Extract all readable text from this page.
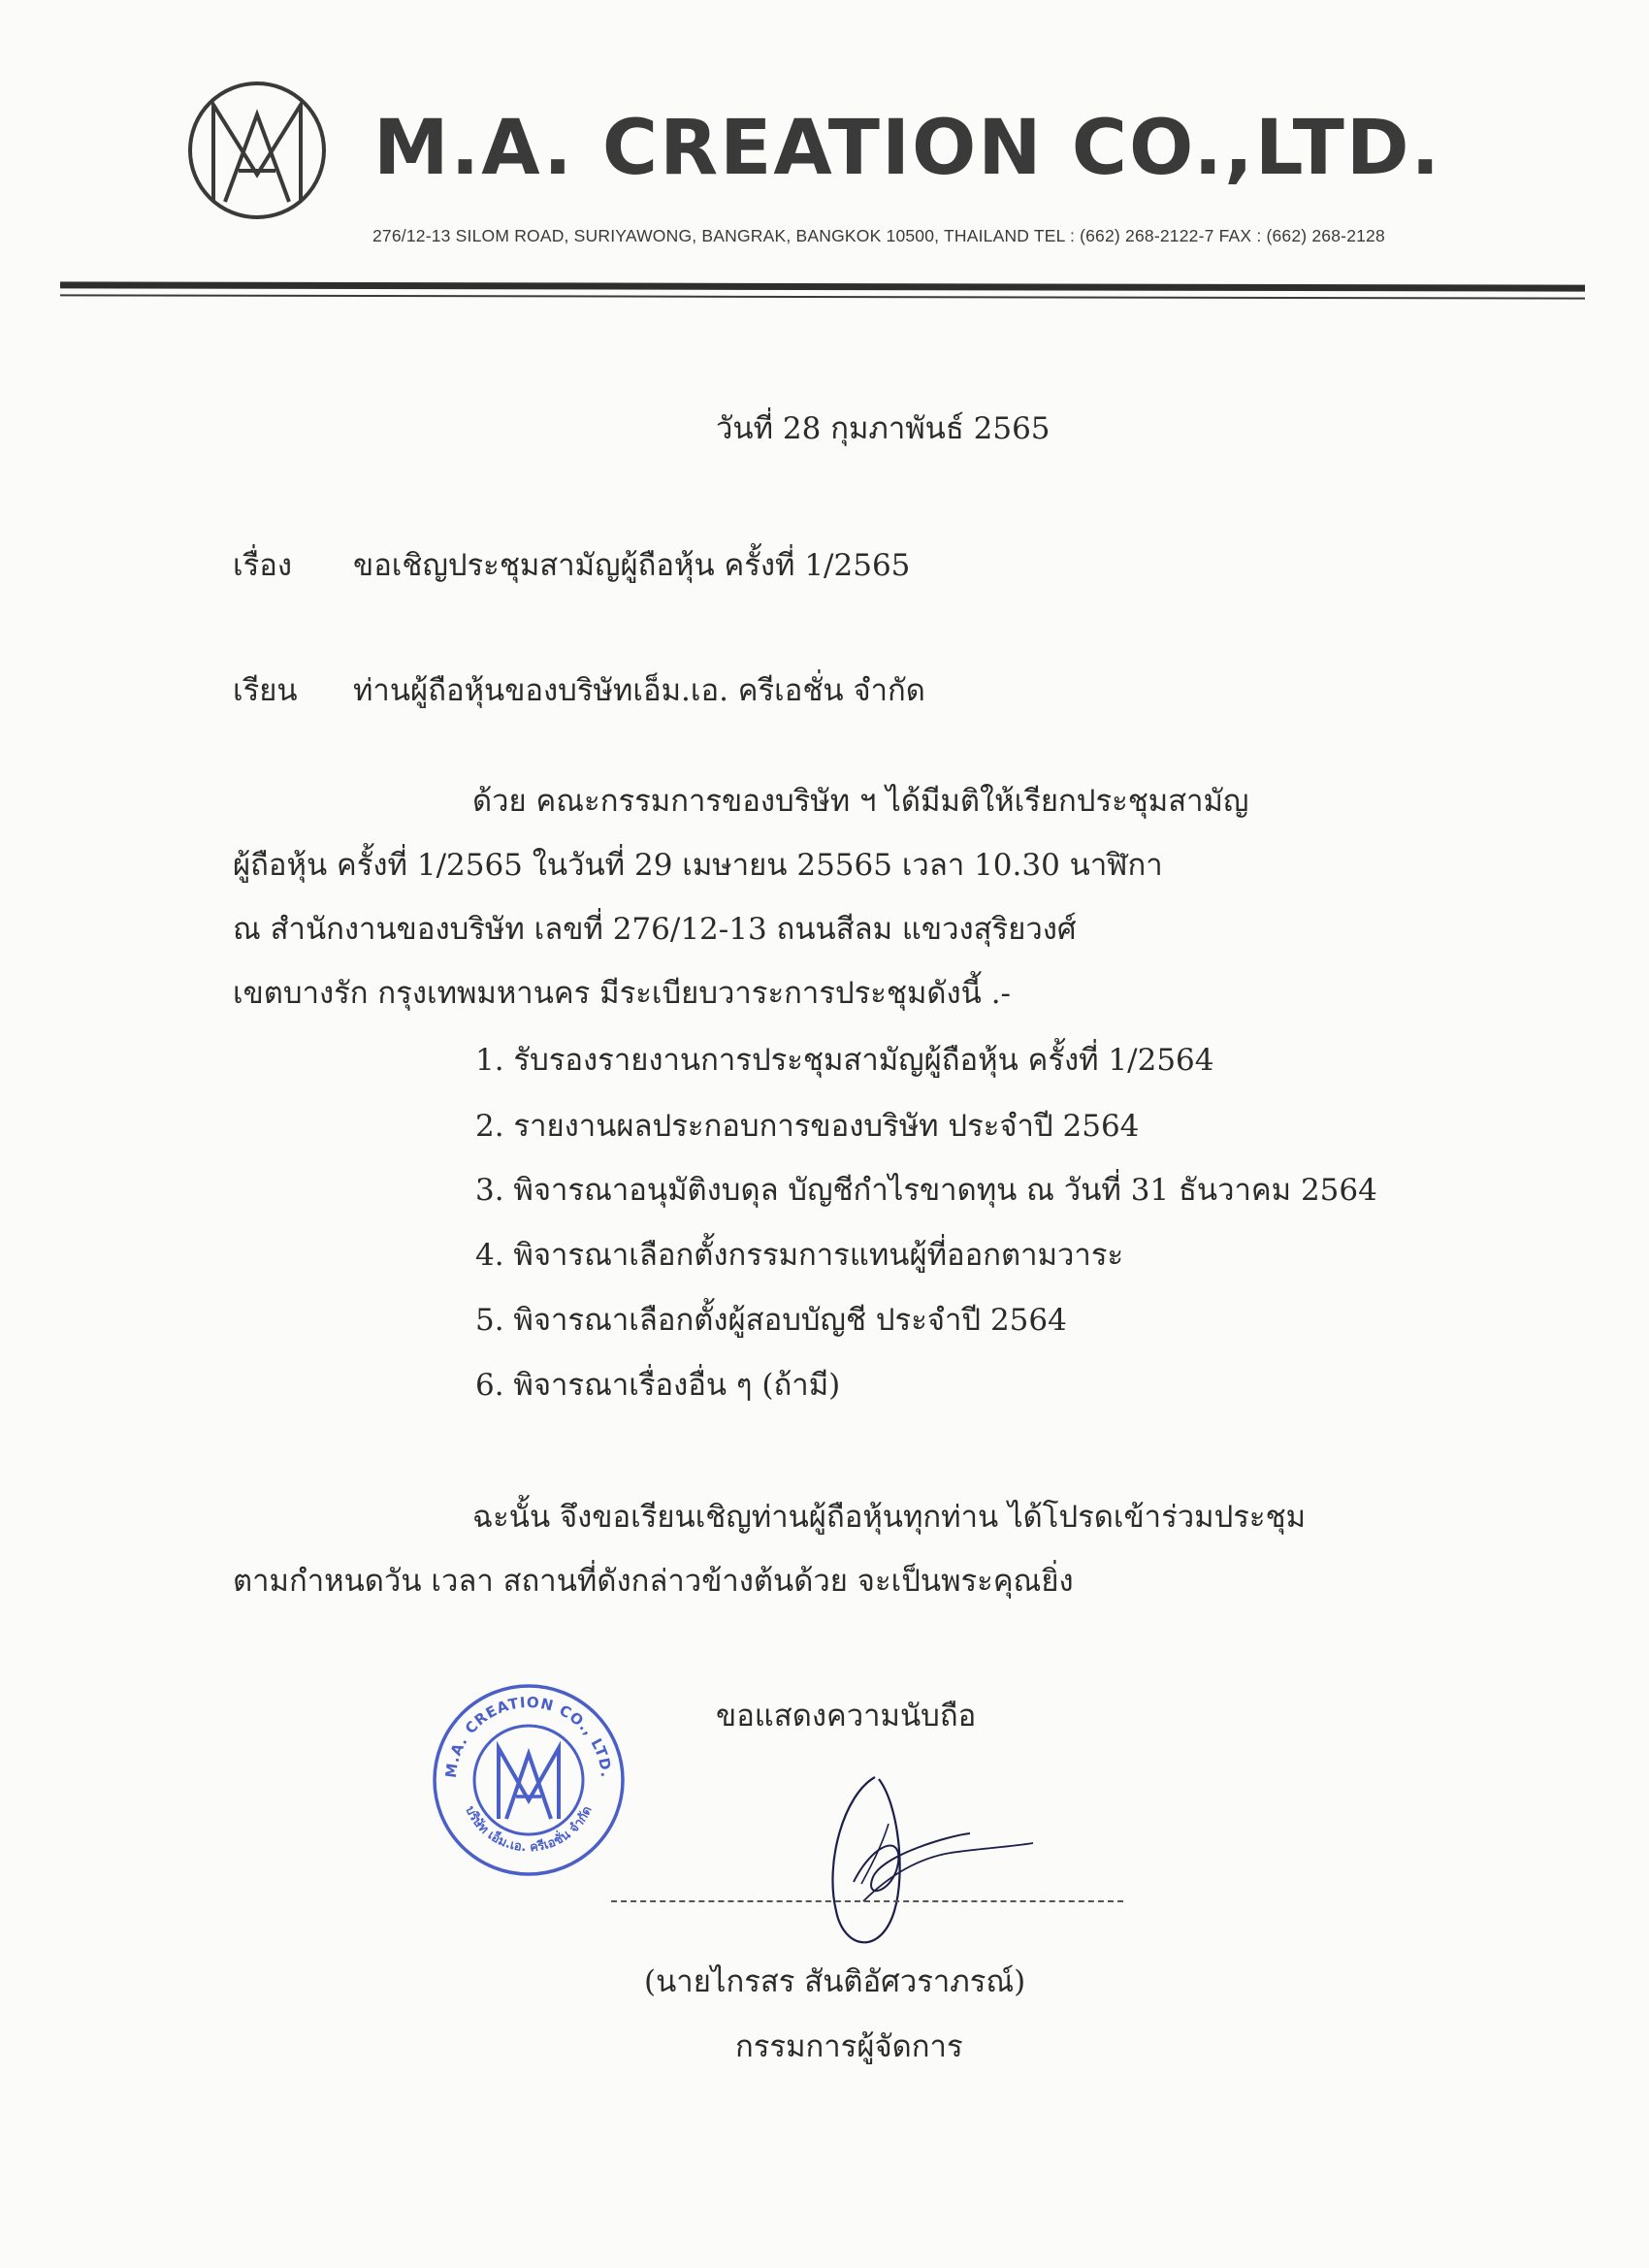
M.A. CREATION CO.,LTD.
276/12-13 SILOM ROAD, SURIYAWONG, BANGRAK, BANGKOK 10500, THAILAND TEL : (662) 268-2122-7 FAX : (662) 268-2128
วันที่ 28 กุมภาพันธ์ 2565
เรื่อง ขอเชิญประชุมสามัญผู้ถือหุ้น ครั้งที่ 1/2565
เรียน ท่านผู้ถือหุ้นของบริษัทเอ็ม.เอ. ครีเอชั่น จำกัด
ด้วย คณะกรรมการของบริษัท ฯ ได้มีมติให้เรียกประชุมสามัญ
ผู้ถือหุ้น ครั้งที่ 1/2565 ในวันที่ 29 เมษายน 25565 เวลา 10.30 นาฬิกา
ณ สำนักงานของบริษัท เลขที่ 276/12-13 ถนนสีลม แขวงสุริยวงศ์
เขตบางรัก กรุงเทพมหานคร มีระเบียบวาระการประชุมดังนี้ .-
1. รับรองรายงานการประชุมสามัญผู้ถือหุ้น ครั้งที่ 1/2564
2. รายงานผลประกอบการของบริษัท ประจำปี 2564
3. พิจารณาอนุมัติงบดุล บัญชีกำไรขาดทุน ณ วันที่ 31 ธันวาคม 2564
4. พิจารณาเลือกตั้งกรรมการแทนผู้ที่ออกตามวาระ
5. พิจารณาเลือกตั้งผู้สอบบัญชี ประจำปี 2564
6. พิจารณาเรื่องอื่น ๆ (ถ้ามี)
ฉะนั้น จึงขอเรียนเชิญท่านผู้ถือหุ้นทุกท่าน ได้โปรดเข้าร่วมประชุม
ตามกำหนดวัน เวลา สถานที่ดังกล่าวข้างต้นด้วย จะเป็นพระคุณยิ่ง
ขอแสดงความนับถือ
M.A. CREATION CO., LTD.
บริษัท เอ็ม.เอ. ครีเอชั่น จำกัด
(นายไกรสร สันติอัศวราภรณ์)
กรรมการผู้จัดการ
